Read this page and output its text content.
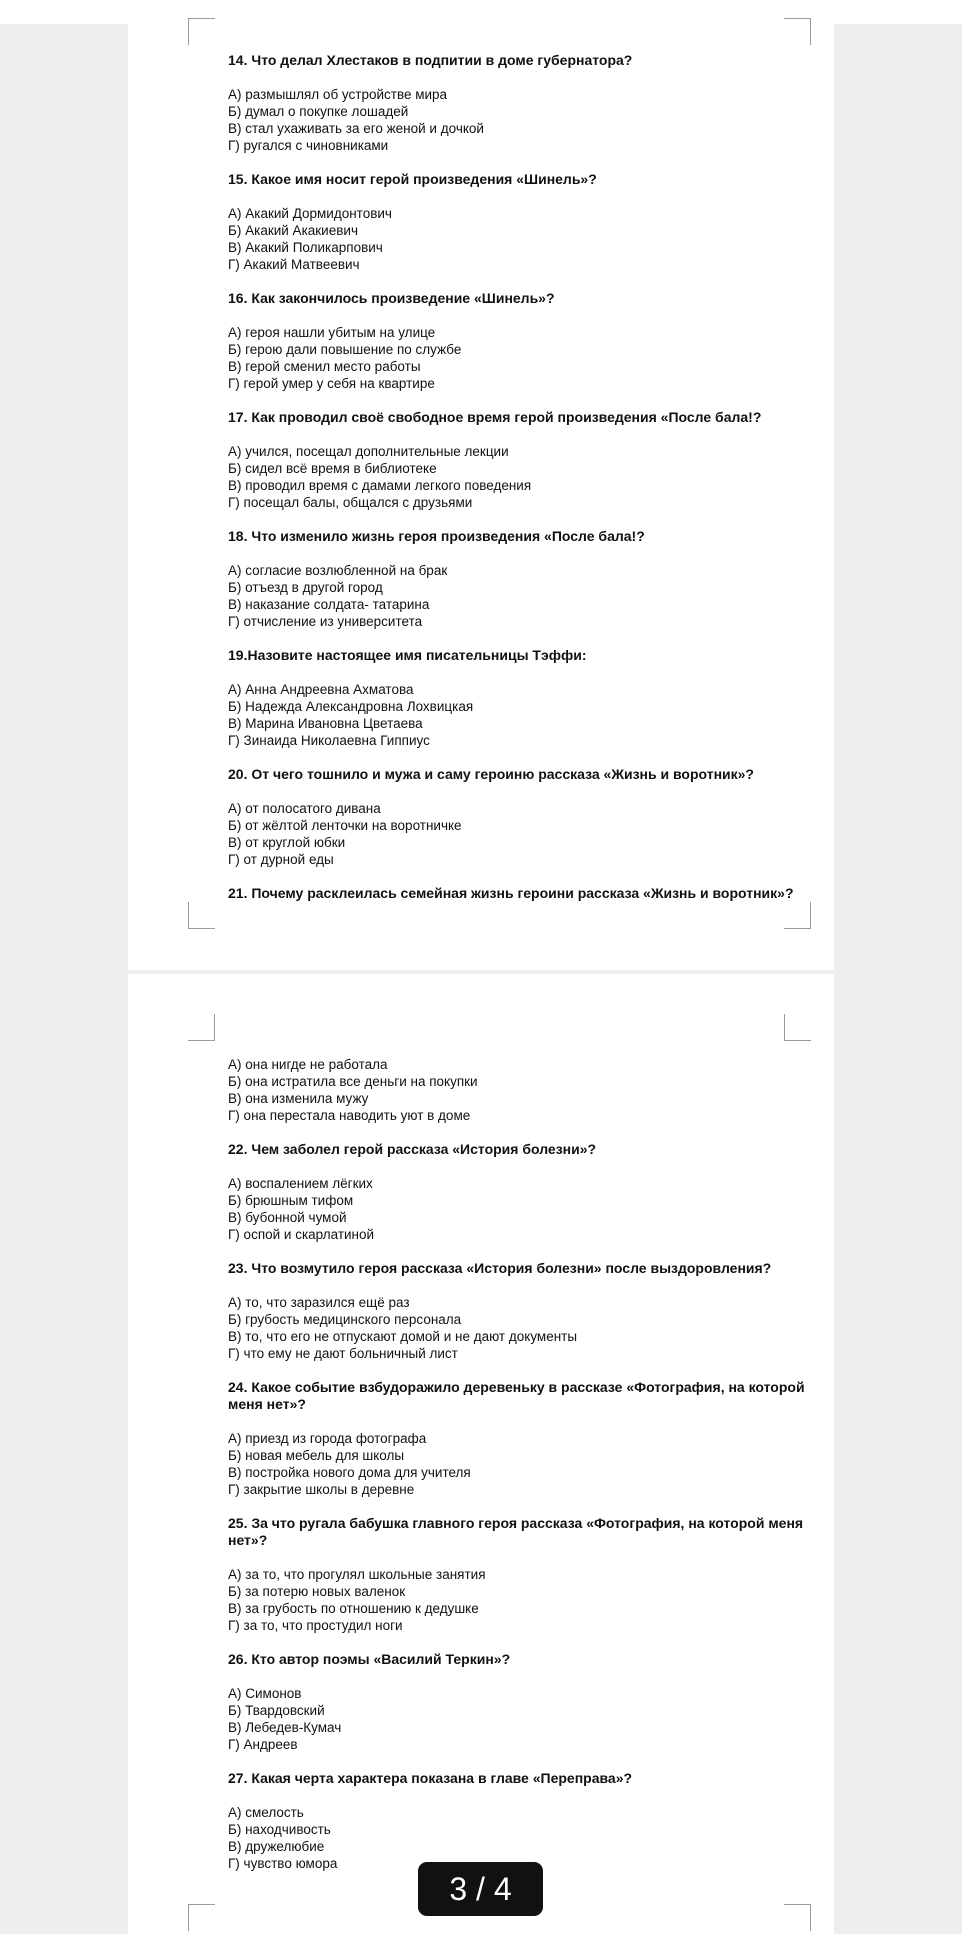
14. Что делал Хлестаков в подпитии в доме губернатора?

А) размышлял об устройстве мира

Б) думал о покупке лошадей

В) стал ухаживать за его женой и дочкой

Г) ругался с чиновниками

15. Какое имя носит герой произведения «Шинель»?

А) Акакий Дормидонтович

Б) Акакий Акакиевич

В) Акакий Поликарпович

Г) Акакий Матвеевич

16. Как закончилось произведение «Шинель»?

А) героя нашли убитым на улице

Б) герою дали повышение по службе

В) герой сменил место работы

Г) герой умер у себя на квартире

17. Как проводил своё свободное время герой произведения «После бала!?

А) учился, посещал дополнительные лекции

Б) сидел всё время в библиотеке

В) проводил время с дамами легкого поведения

Г) посещал балы, общался с друзьями

18. Что изменило жизнь героя произведения «После бала!?

А) согласие возлюбленной на брак

Б) отъезд в другой город

В) наказание солдата- татарина

Г) отчисление из университета

19.Назовите настоящее имя писательницы Тэффи:

А) Анна Андреевна Ахматова

Б) Надежда Александровна Лохвицкая

В) Марина Ивановна Цветаева

Г) Зинаида Николаевна Гиппиус

20. От чего тошнило и мужа и саму героиню рассказа «Жизнь и воротник»?

А) от полосатого дивана

Б) от жёлтой ленточки на воротничке

В) от круглой юбки

Г) от дурной еды

21. Почему расклеилась семейная жизнь героини рассказа «Жизнь и воротник»?

А) она нигде не работала

Б) она истратила все деньги на покупки

В) она изменила мужу

Г) она перестала наводить уют в доме

22. Чем заболел герой рассказа «История болезни»?

А) воспалением лёгких

Б) брюшным тифом

В) бубонной чумой

Г) оспой и скарлатиной

23. Что возмутило героя рассказа «История болезни» после выздоровления?

А) то, что заразился ещё раз

Б) грубость медицинского персонала

В) то, что его не отпускают домой и не дают документы

Г) что ему не дают больничный лист

24. Какое событие взбудоражило деревеньку в рассказе «Фотография, на которой меня нет»?

А) приезд из города фотографа

Б) новая мебель для школы

В) постройка нового дома для учителя

Г) закрытие школы в деревне

25. За что ругала бабушка главного героя рассказа «Фотография, на которой меня нет»?

А) за то, что прогулял школьные занятия

Б) за потерю новых валенок

В) за грубость по отношению к дедушке

Г) за то, что простудил ноги

26. Кто автор поэмы «Василий Теркин»?

А) Симонов

Б) Твардовский

В) Лебедев-Кумач

Г) Андреев

27. Какая черта характера показана в главе «Переправа»?

А) смелость

Б) находчивость

В) дружелюбие

Г) чувство юмора

3 / 4
